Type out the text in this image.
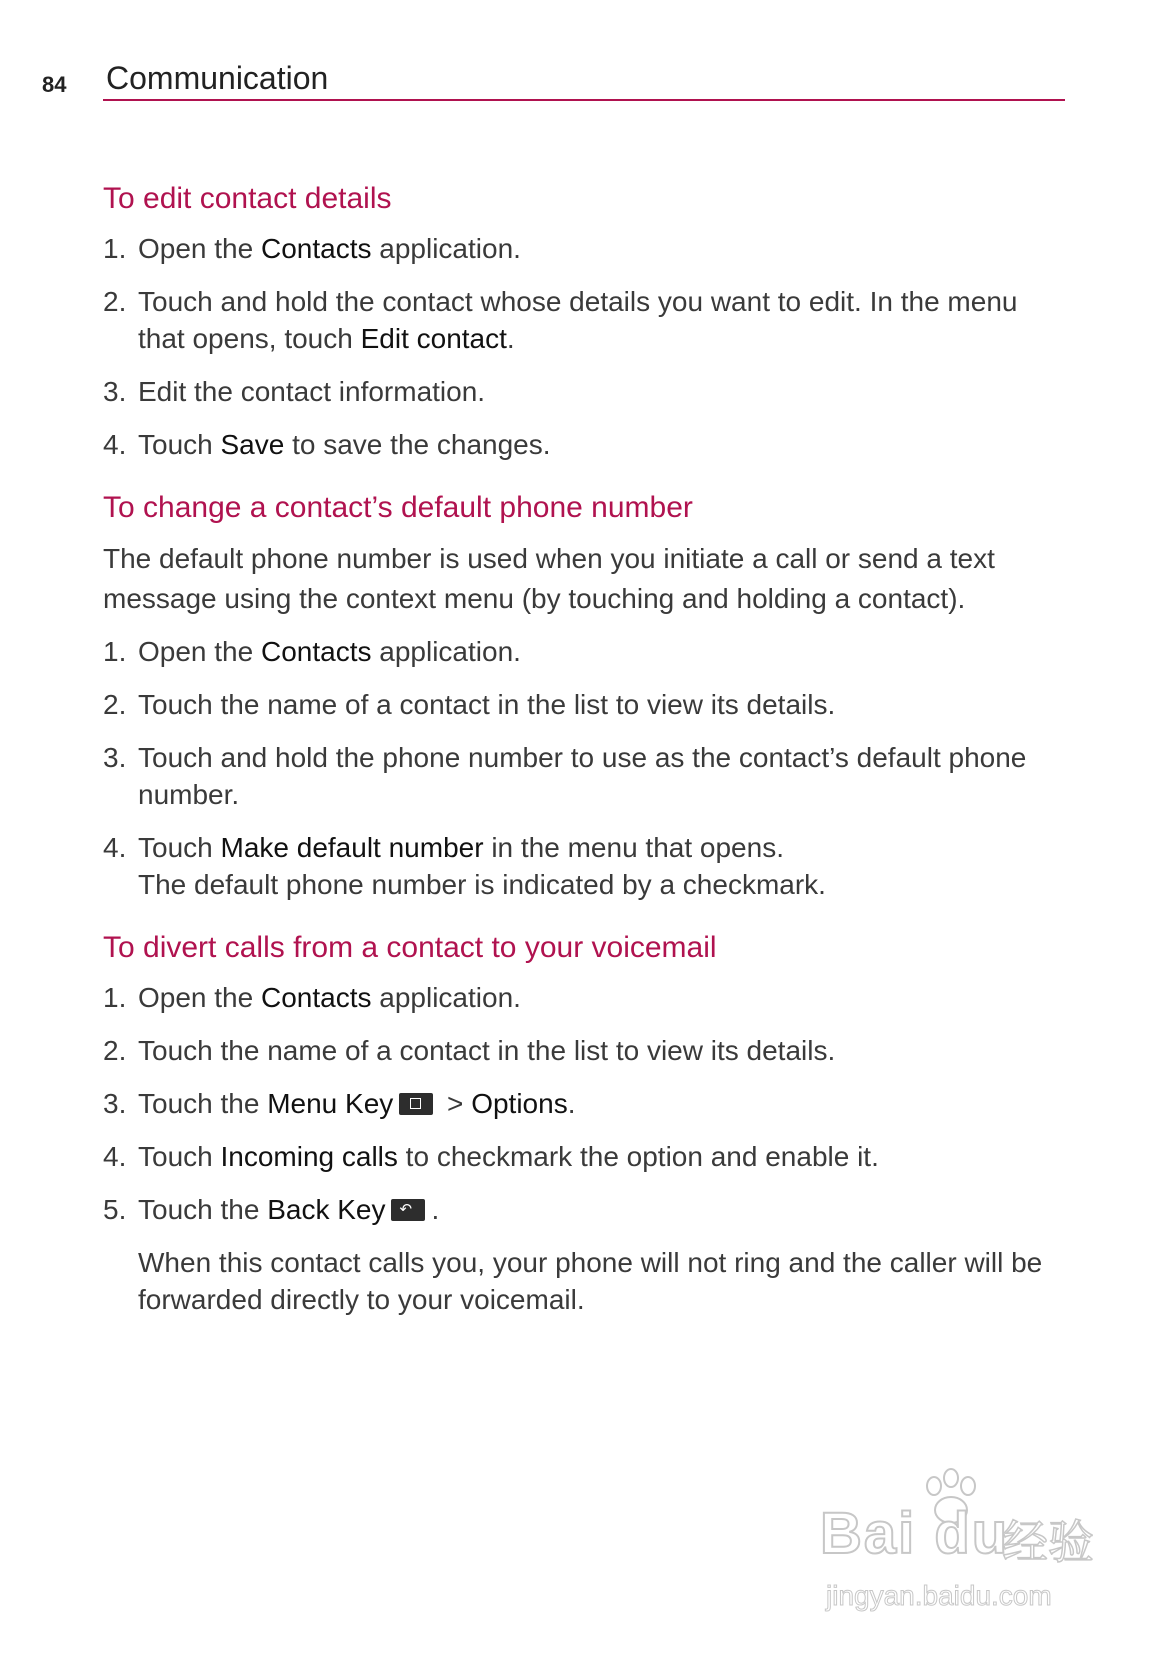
84 Communication
To edit contact details
1. Open the Contacts application.
2. Touch and hold the contact whose details you want to edit. In the menu that opens, touch Edit contact.
3. Edit the contact information.
4. Touch Save to save the changes.
To change a contact’s default phone number

The default phone number is used when you initiate a call or send a text message using the context menu (by touching and holding a contact).

1. Open the Contacts application.
2. Touch the name of a contact in the list to view its details.
3. Touch and hold the phone number to use as the contact’s default phone number.
4. Touch Make default number in the menu that opens.
The default phone number is indicated by a checkmark.
To divert calls from a contact to your voicemail
1. Open the Contacts application.
2. Touch the name of a contact in the list to view its details.
3. Touch the Menu Key
> Options.
4. Touch Incoming calls to checkmark the option and enable it.
5. Touch the Back Key ↶ .

When this contact calls you, your phone will not ring and the caller will be forwarded directly to your voicemail.

Bai du
经验
jingyan.baidu.com
